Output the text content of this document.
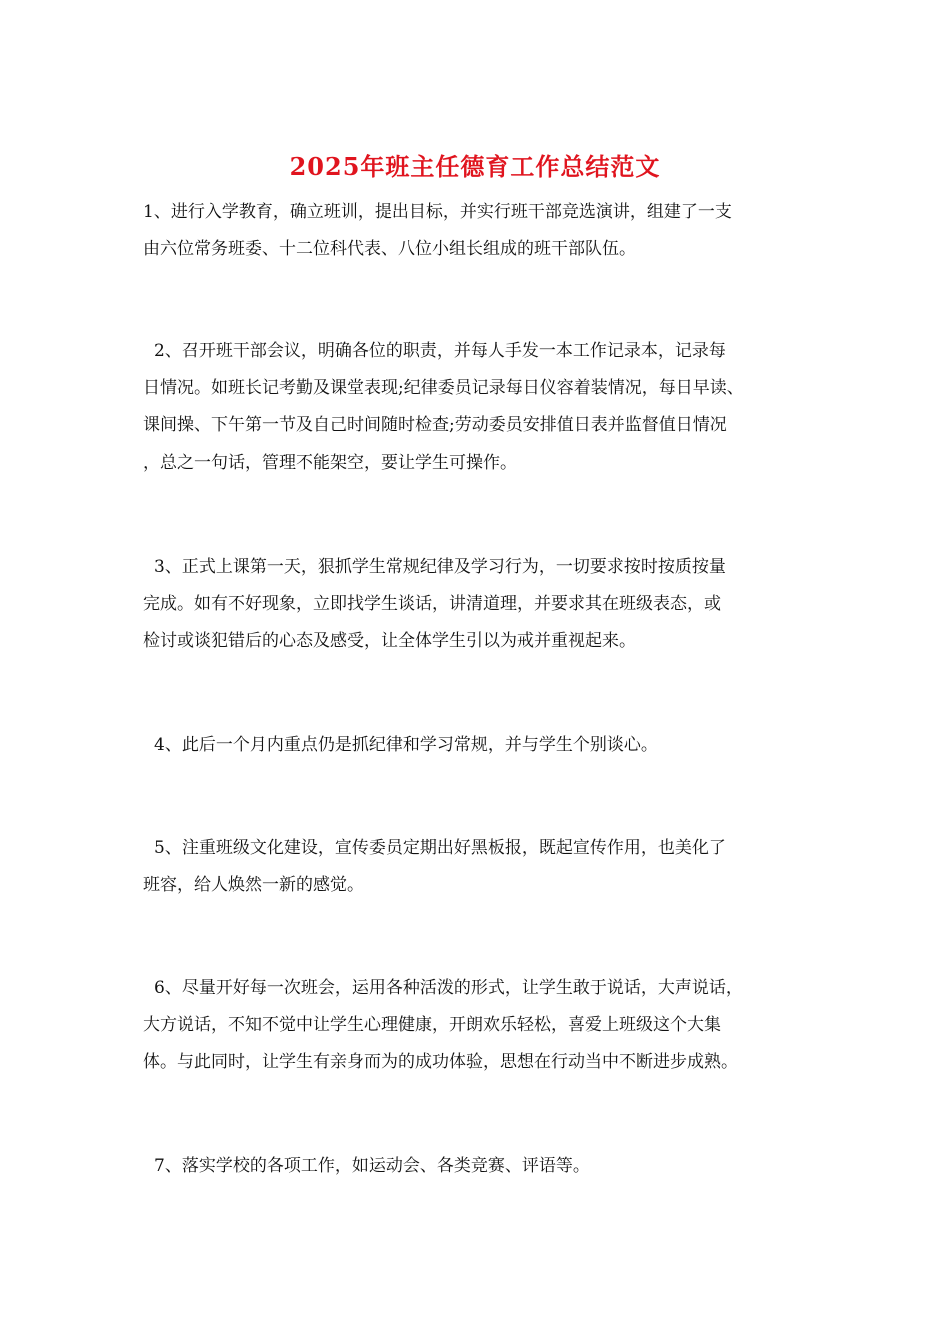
2025年班主任德育工作总结范文
1、进行入学教育，确立班训，提出目标，并实行班干部竞选演讲，组建了一支
由六位常务班委、十二位科代表、八位小组长组成的班干部队伍。
2、召开班干部会议，明确各位的职责，并每人手发一本工作记录本，记录每
日情况。如班长记考勤及课堂表现;纪律委员记录每日仪容着装情况，每日早读、
课间操、下午第一节及自己时间随时检查;劳动委员安排值日表并监督值日情况
，总之一句话，管理不能架空，要让学生可操作。
3、正式上课第一天，狠抓学生常规纪律及学习行为，一切要求按时按质按量
完成。如有不好现象，立即找学生谈话，讲清道理，并要求其在班级表态，或
检讨或谈犯错后的心态及感受，让全体学生引以为戒并重视起来。
4、此后一个月内重点仍是抓纪律和学习常规，并与学生个别谈心。
5、注重班级文化建设，宣传委员定期出好黑板报，既起宣传作用，也美化了
班容，给人焕然一新的感觉。
6、尽量开好每一次班会，运用各种活泼的形式，让学生敢于说话，大声说话，
大方说话，不知不觉中让学生心理健康，开朗欢乐轻松，喜爱上班级这个大集
体。与此同时，让学生有亲身而为的成功体验，思想在行动当中不断进步成熟。
7、落实学校的各项工作，如运动会、各类竞赛、评语等。
